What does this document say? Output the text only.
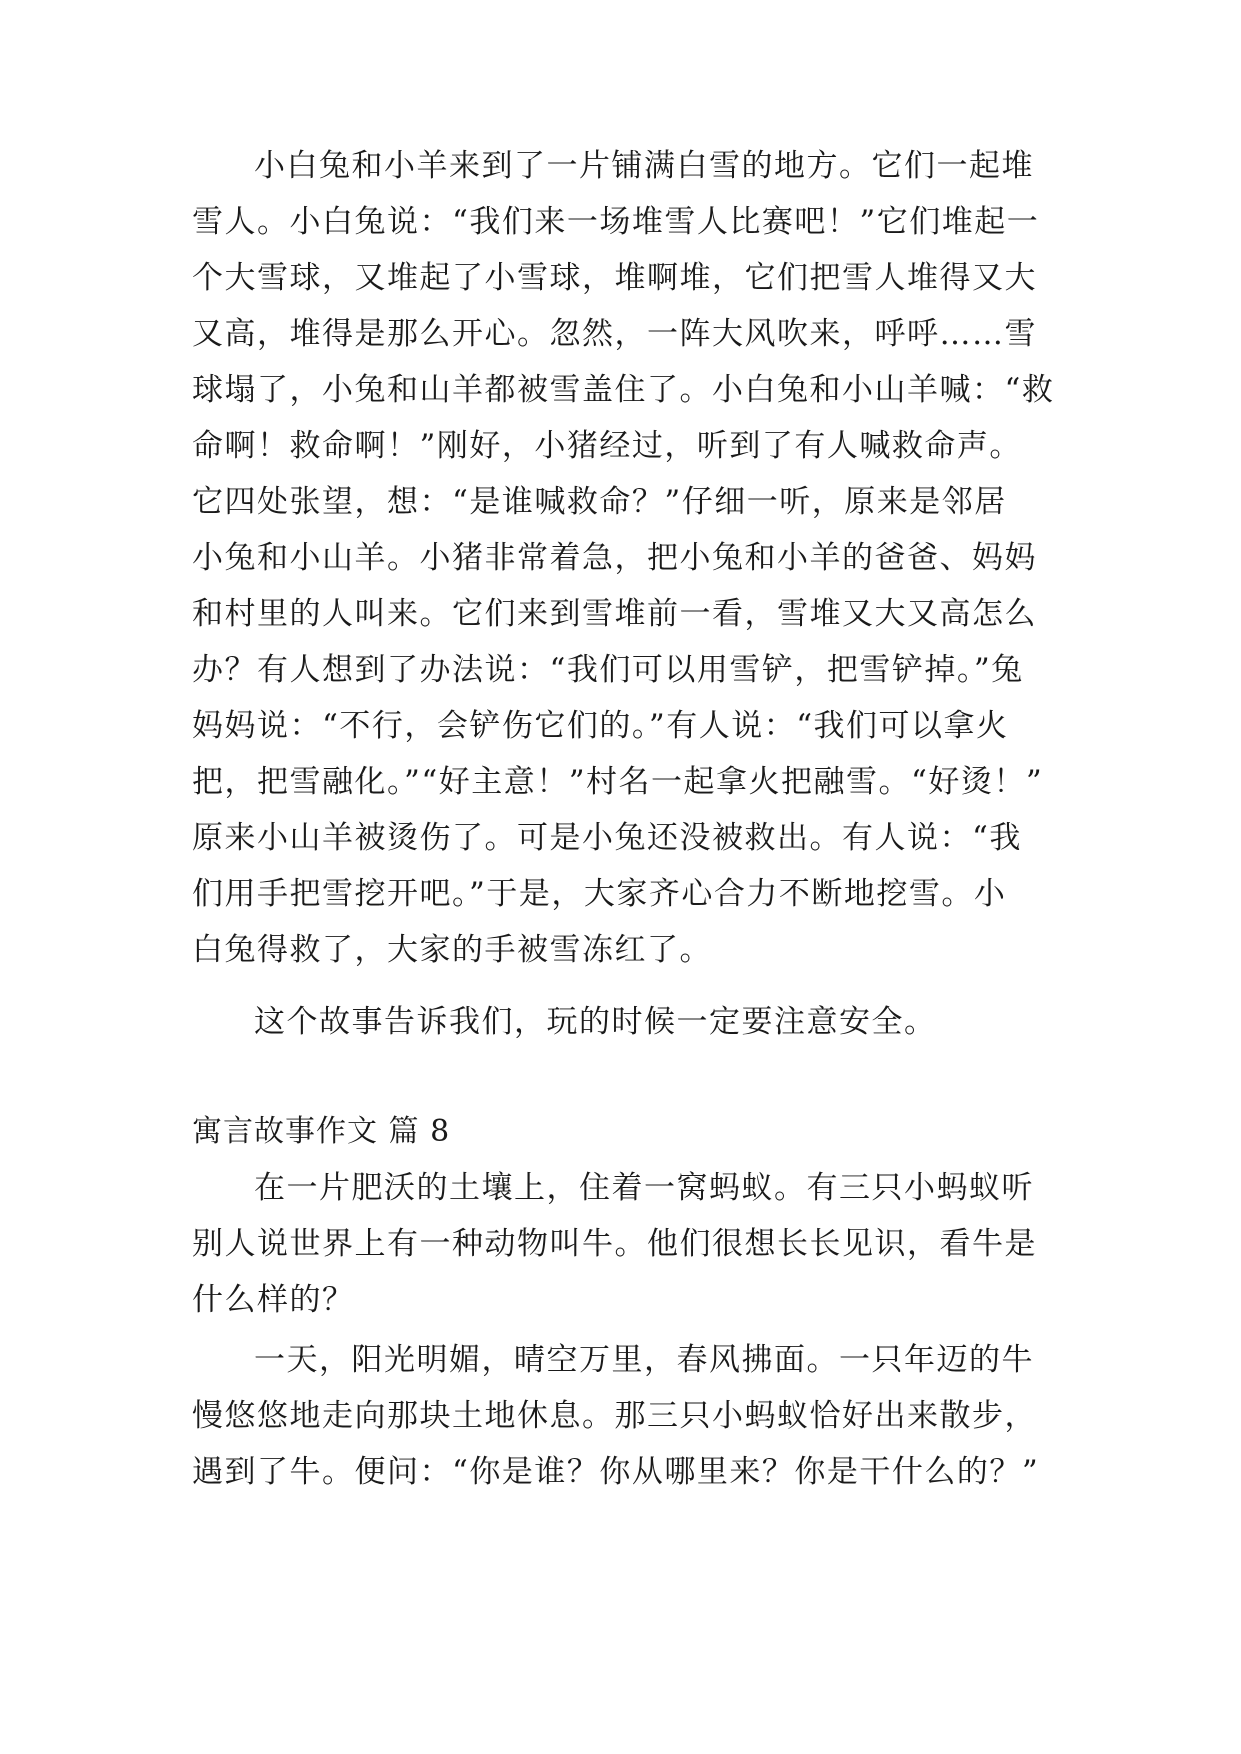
小白兔和小羊来到了一片铺满白雪的地方。它们一起堆
雪人。小白兔说：“我们来一场堆雪人比赛吧！”它们堆起一
个大雪球，又堆起了小雪球，堆啊堆，它们把雪人堆得又大
又高，堆得是那么开心。忽然，一阵大风吹来，呼呼……雪
球塌了，小兔和山羊都被雪盖住了。小白兔和小山羊喊：“救
命啊！救命啊！”刚好，小猪经过，听到了有人喊救命声。
它四处张望，想：“是谁喊救命？”仔细一听，原来是邻居
小兔和小山羊。小猪非常着急，把小兔和小羊的爸爸、妈妈
和村里的人叫来。它们来到雪堆前一看，雪堆又大又高怎么
办？有人想到了办法说：“我们可以用雪铲，把雪铲掉。”兔
妈妈说：“不行，会铲伤它们的。”有人说：“我们可以拿火
把，把雪融化。”“好主意！”村名一起拿火把融雪。“好烫！”
原来小山羊被烫伤了。可是小兔还没被救出。有人说：“我
们用手把雪挖开吧。”于是，大家齐心合力不断地挖雪。小
白兔得救了，大家的手被雪冻红了。
这个故事告诉我们，玩的时候一定要注意安全。
寓言故事作文 篇 8
在一片肥沃的土壤上，住着一窝蚂蚁。有三只小蚂蚁听
别人说世界上有一种动物叫牛。他们很想长长见识，看牛是
什么样的？
一天，阳光明媚，晴空万里，春风拂面。一只年迈的牛
慢悠悠地走向那块土地休息。那三只小蚂蚁恰好出来散步，
遇到了牛。便问：“你是谁？你从哪里来？你是干什么的？”
